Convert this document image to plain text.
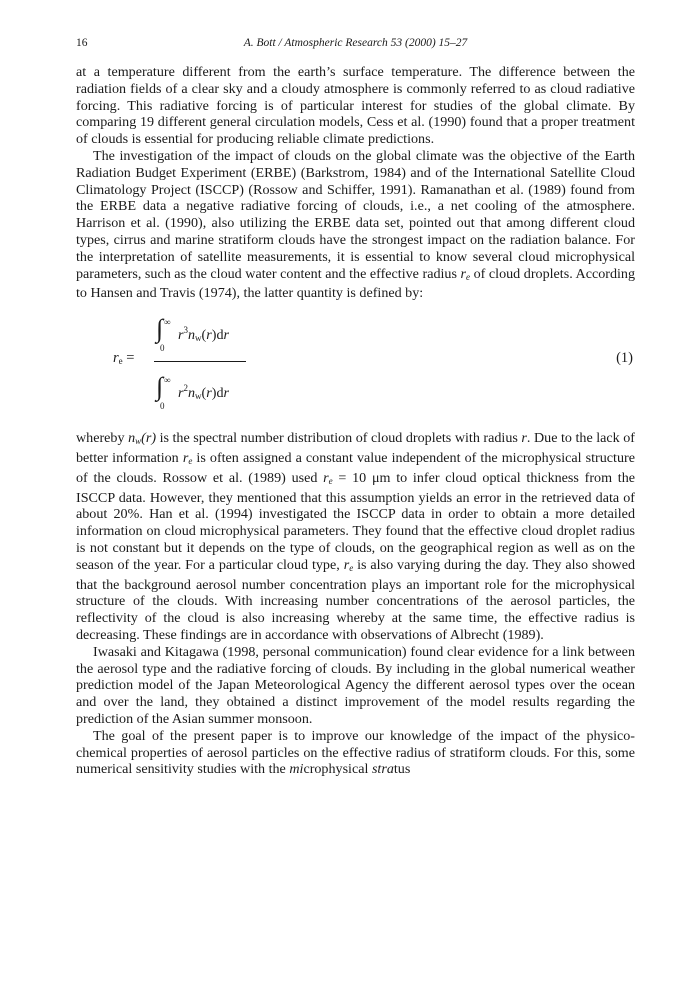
16	A. Bott / Atmospheric Research 53 (2000) 15–27

at a temperature different from the earth’s surface temperature. The difference between the radiation fields of a clear sky and a cloudy atmosphere is commonly referred to as cloud radiative forcing. This radiative forcing is of particular interest for studies of the global climate. By comparing 19 different general circulation models, Cess et al. (1990) found that a proper treatment of clouds is essential for producing reliable climate predictions.

The investigation of the impact of clouds on the global climate was the objective of the Earth Radiation Budget Experiment (ERBE) (Barkstrom, 1984) and of the International Satellite Cloud Climatology Project (ISCCP) (Rossow and Schiffer, 1991). Ramanathan et al. (1989) found from the ERBE data a negative radiative forcing of clouds, i.e., a net cooling of the atmosphere. Harrison et al. (1990), also utilizing the ERBE data set, pointed out that among different cloud types, cirrus and marine stratiform clouds have the strongest impact on the radiation balance. For the interpretation of satellite measurements, it is essential to know several cloud microphysical parameters, such as the cloud water content and the effective radius $r_e$ of cloud droplets. According to Hansen and Travis (1974), the latter quantity is defined by:

$r_e$ =
∫ ∞
0
$r^3n_w(r)dr$
∫ ∞
0
$r^2n_w(r)dr$
(1)

whereby $n_w(r)$ is the spectral number distribution of cloud droplets with radius r. Due to the lack of better information $r_e$ is often assigned a constant value independent of the microphysical structure of the clouds. Rossow et al. (1989) used $r_e = 10$ μm to infer cloud optical thickness from the ISCCP data. However, they mentioned that this assumption yields an error in the retrieved data of about 20%. Han et al. (1994) investigated the ISCCP data in order to obtain a more detailed information on cloud microphysical parameters. They found that the effective cloud droplet radius is not constant but it depends on the type of clouds, on the geographical region as well as on the season of the year. For a particular cloud type, $r_e$ is also varying during the day. They also showed that the background aerosol number concentration plays an important role for the microphysical structure of the clouds. With increasing number concentrations of the aerosol particles, the reflectivity of the cloud is also increasing whereby at the same time, the effective radius is decreasing. These findings are in accordance with observations of Albrecht (1989).

Iwasaki and Kitagawa (1998, personal communication) found clear evidence for a link between the aerosol type and the radiative forcing of clouds. By including in the global numerical weather prediction model of the Japan Meteorological Agency the different aerosol types over the ocean and over the land, they obtained a distinct improvement of the model results regarding the prediction of the Asian summer monsoon.

The goal of the present paper is to improve our knowledge of the impact of the physico-chemical properties of aerosol particles on the effective radius of stratiform clouds. For this, some numerical sensitivity studies with the microphysical stratus
